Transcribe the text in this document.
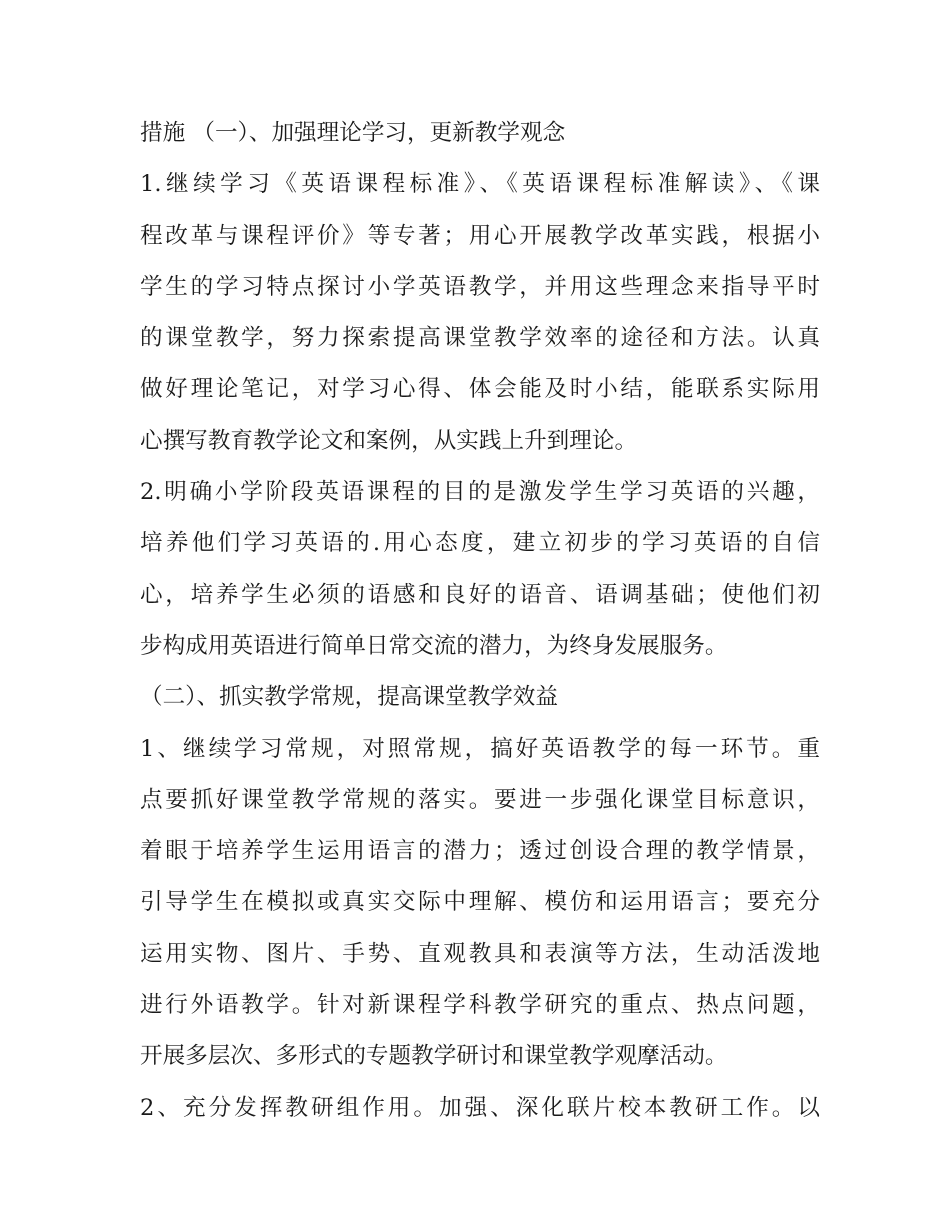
措施 （一）、加强理论学习，更新教学观念
1.继续学习《英语课程标准》、《英语课程标准解读》、《课
程改革与课程评价》等专著；用心开展教学改革实践，根据小
学生的学习特点探讨小学英语教学，并用这些理念来指导平时
的课堂教学，努力探索提高课堂教学效率的途径和方法。认真
做好理论笔记，对学习心得、体会能及时小结，能联系实际用
心撰写教育教学论文和案例，从实践上升到理论。
2.明确小学阶段英语课程的目的是激发学生学习英语的兴趣，
培养他们学习英语的.用心态度，建立初步的学习英语的自信
心，培养学生必须的语感和良好的语音、语调基础；使他们初
步构成用英语进行简单日常交流的潜力，为终身发展服务。
（二）、抓实教学常规，提高课堂教学效益
1、继续学习常规，对照常规，搞好英语教学的每一环节。重
点要抓好课堂教学常规的落实。要进一步强化课堂目标意识，
着眼于培养学生运用语言的潜力；透过创设合理的教学情景，
引导学生在模拟或真实交际中理解、模仿和运用语言；要充分
运用实物、图片、手势、直观教具和表演等方法，生动活泼地
进行外语教学。针对新课程学科教学研究的重点、热点问题，
开展多层次、多形式的专题教学研讨和课堂教学观摩活动。
2、充分发挥教研组作用。加强、深化联片校本教研工作。以
